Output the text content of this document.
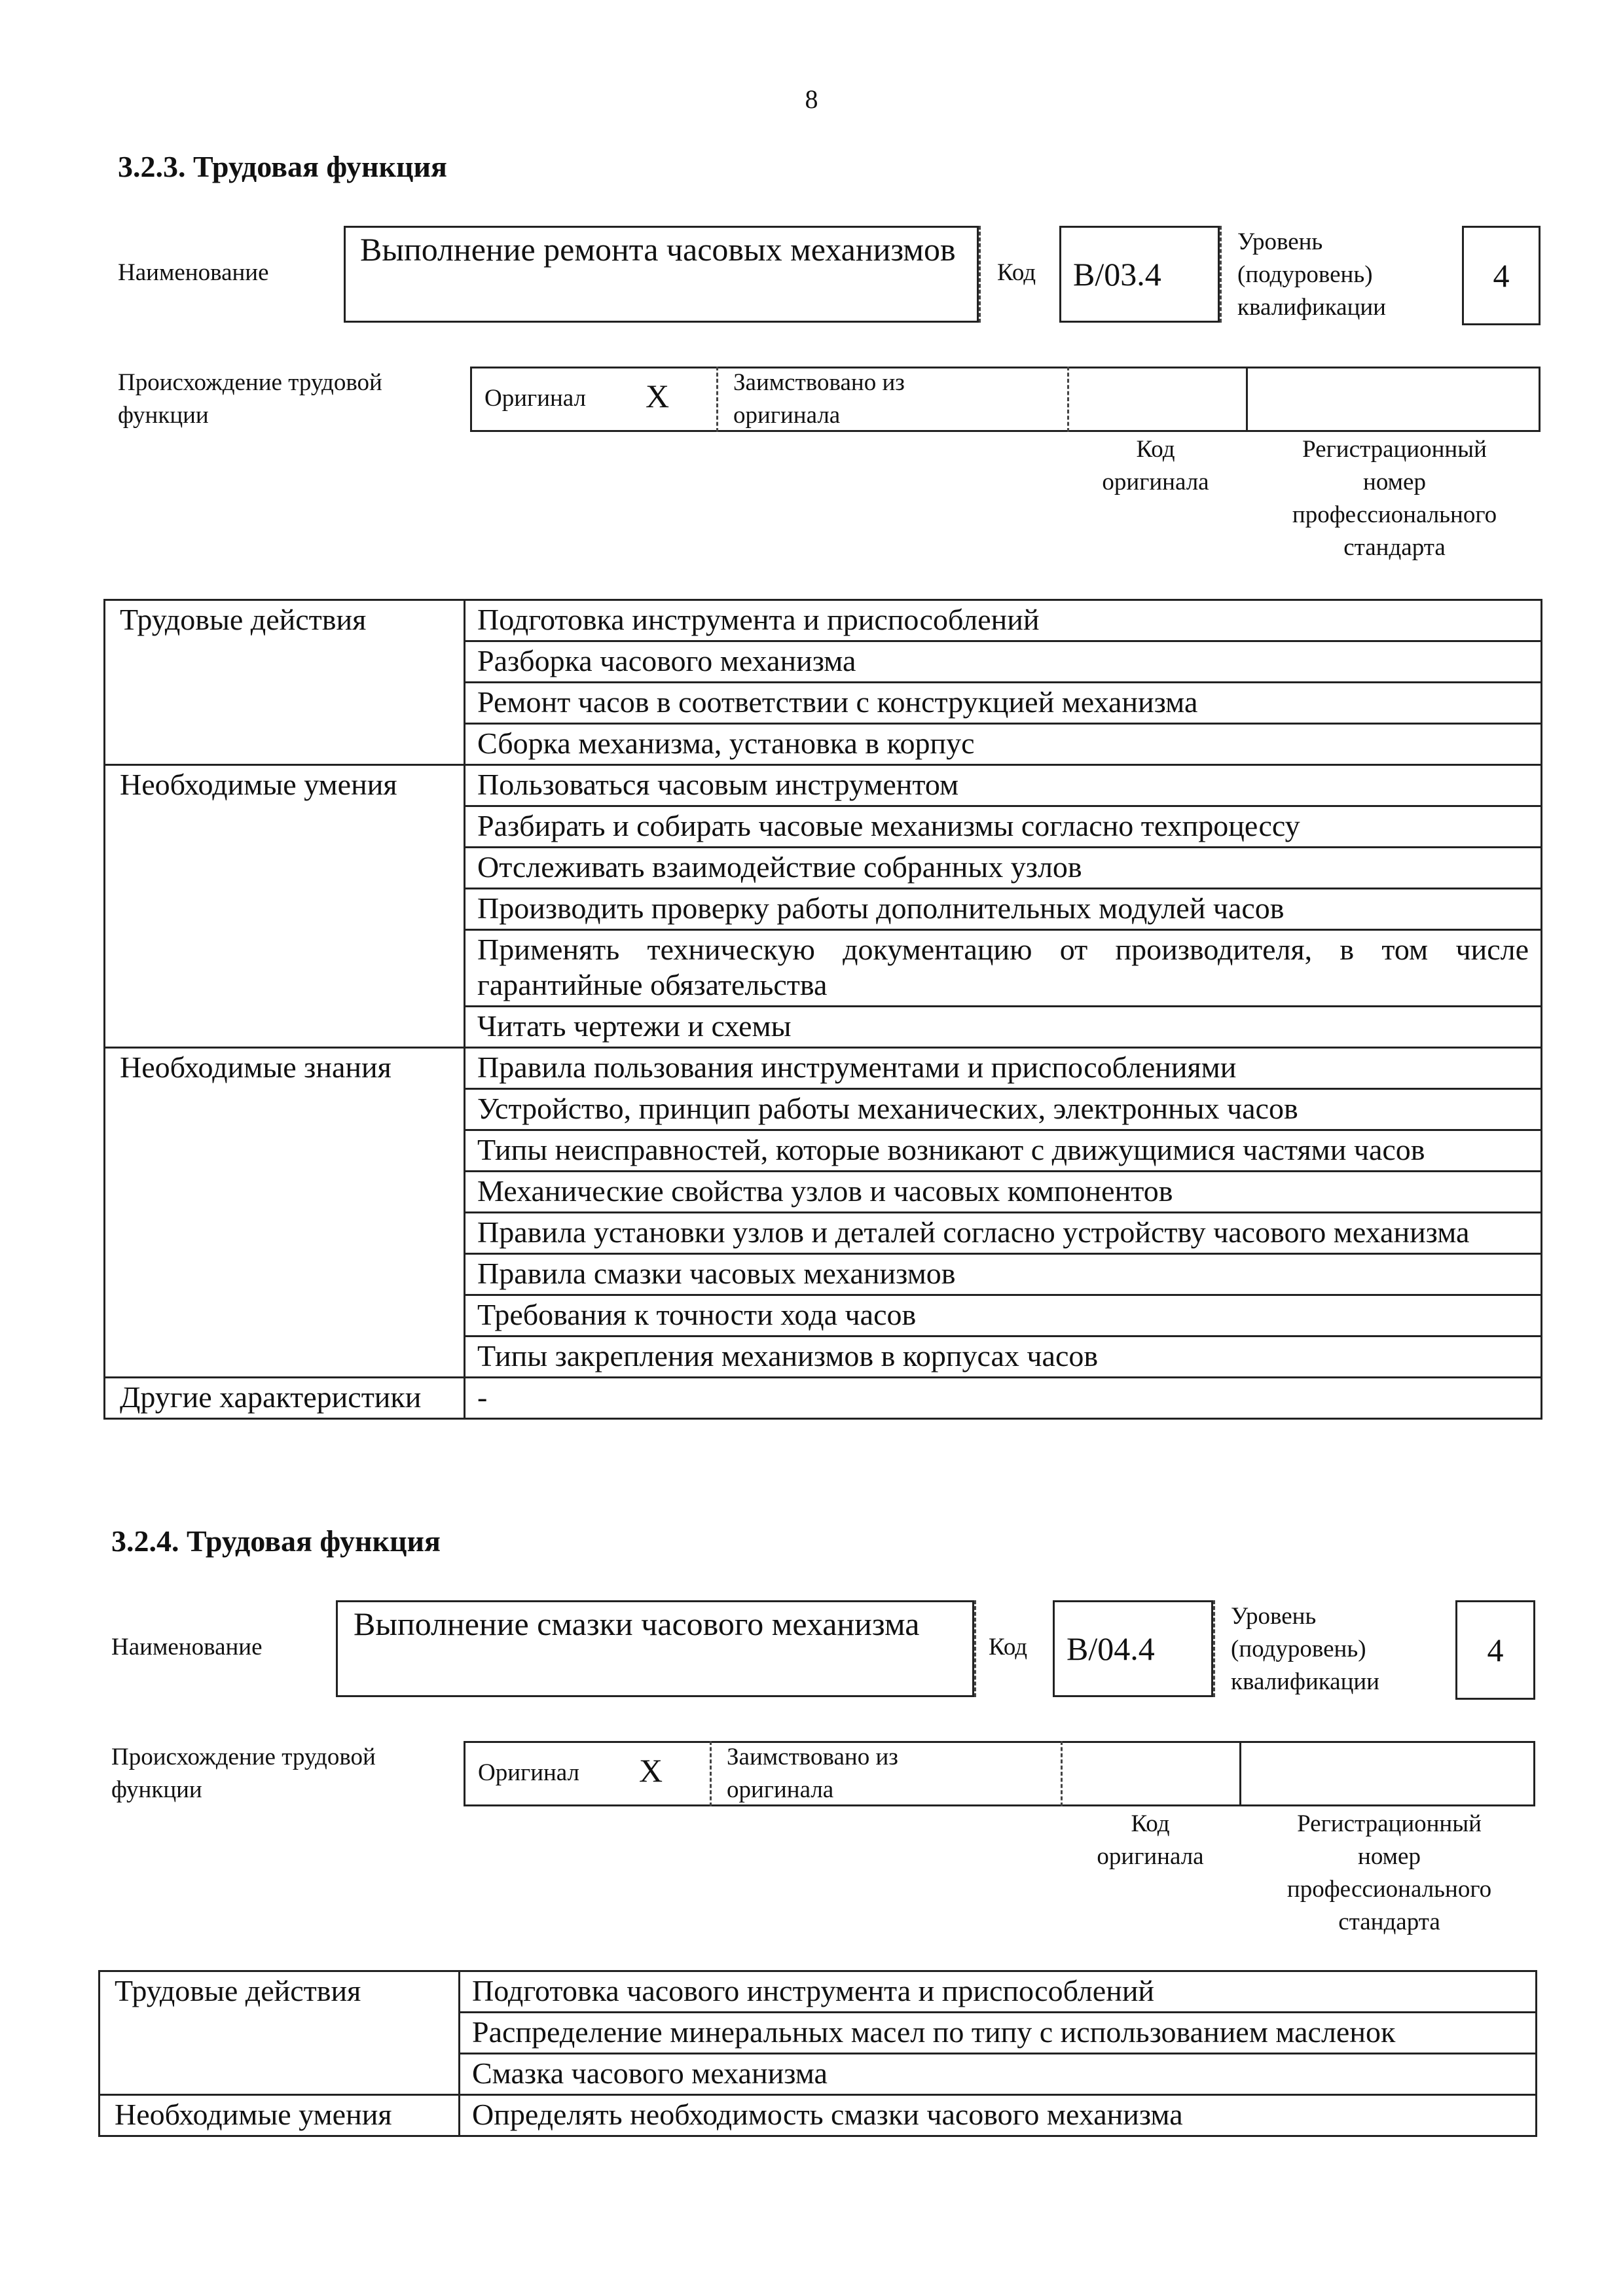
8
3.2.3. Трудовая функция
Наименование
Выполнение ремонта часовых механизмов
Код B/03.4
Уровень
(подуровень)
квалификации
4
Происхождение трудовой
функции
Оригинал X	Заимствовано из
оригинала
Код
оригинала
Регистрационный
номер
профессионального
стандарта
Трудовые действия	Подготовка инструмента и приспособлений
	Разборка часового механизма
	Ремонт часов в соответствии с конструкцией механизма
	Сборка механизма, установка в корпус
Необходимые умения	Пользоваться часовым инструментом
	Разбирать и собирать часовые механизмы согласно техпроцессу
	Отслеживать взаимодействие собранных узлов
	Производить проверку работы дополнительных модулей часов
	Применять техническую документацию от производителя, в том числе гарантийные обязательства
	Читать чертежи и схемы
Необходимые знания	Правила пользования инструментами и приспособлениями
	Устройство, принцип работы механических, электронных часов
	Типы неисправностей, которые возникают с движущимися частями часов
	Механические свойства узлов и часовых компонентов
	Правила установки узлов и деталей согласно устройству часового механизма
	Правила смазки часовых механизмов
	Требования к точности хода часов
	Типы закрепления механизмов в корпусах часов
Другие характеристики	-
3.2.4. Трудовая функция
Наименование
Выполнение смазки часового механизма
Код B/04.4
Уровень
(подуровень)
квалификации
4
Происхождение трудовой
функции
Оригинал X	Заимствовано из
оригинала
Код
оригинала
Регистрационный
номер
профессионального
стандарта
Трудовые действия	Подготовка часового инструмента и приспособлений
	Распределение минеральных масел по типу с использованием масленок
	Смазка часового механизма
Необходимые умения	Определять необходимость смазки часового механизма
